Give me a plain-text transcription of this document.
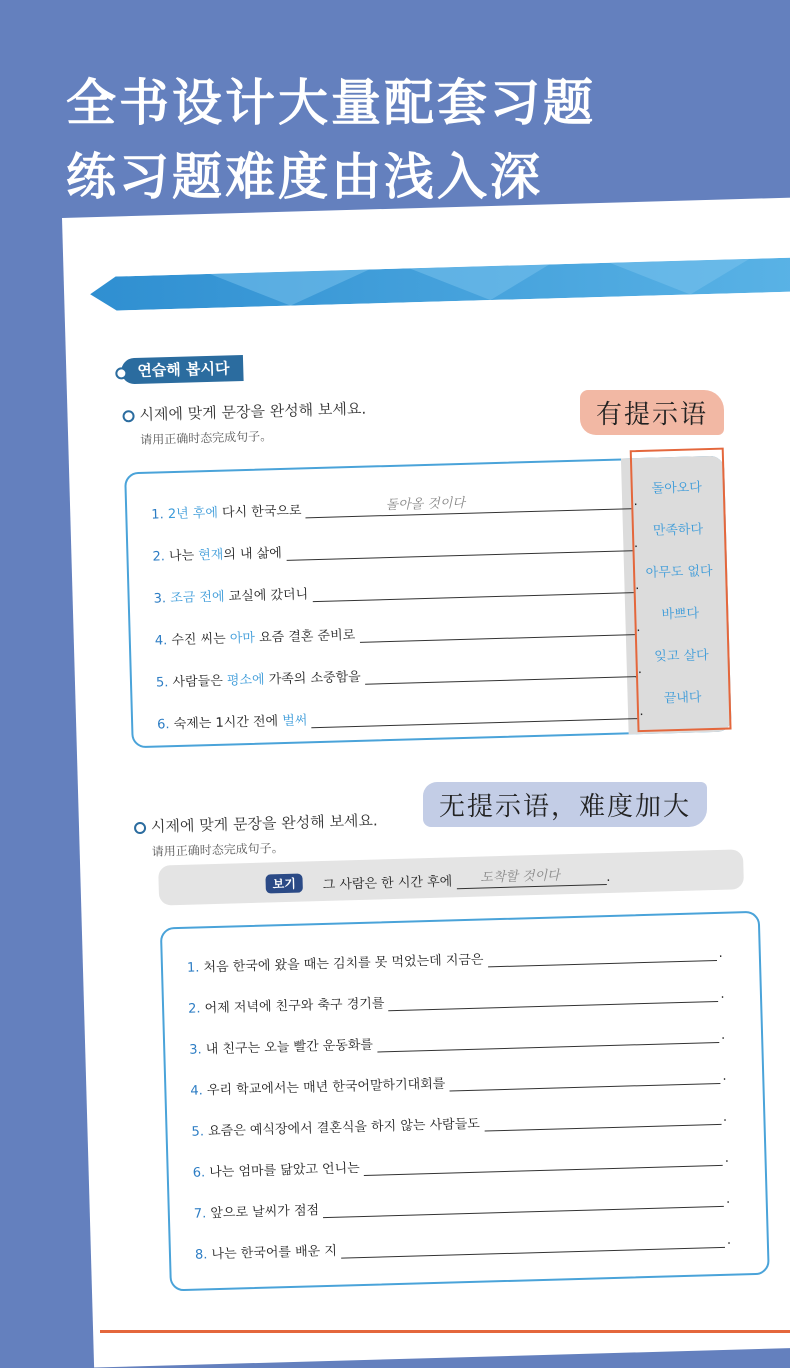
全书设计大量配套习题
练习题难度由浅入深
연습해 봅시다
시제에 맞게 문장을 완성해 보세요.
请用正确时态完成句子。
돌아오다
만족하다
아무도 없다
바쁘다
잊고 살다
끝내다
1. 2년 후에 다시 한국으로	돌아올 것이다	.
2. 나는 현재의 내 삶에 .
3. 조금 전에 교실에 갔더니 .
4. 수진 씨는 아마 요즘 결혼 준비로 .
5. 사람들은 평소에 가족의 소중함을 .
6. 숙제는 1시간 전에 벌써 .
시제에 맞게 문장을 완성해 보세요.
请用正确时态完成句子。
보기	그 사람은 한 시간 후에 도착할 것이다	.
1. 처음 한국에 왔을 때는 김치를 못 먹었는데 지금은	.
2. 어제 저녁에 친구와 축구 경기를 .
3. 내 친구는 오늘 빨간 운동화를 .
4. 우리 학교에서는 매년 한국어말하기대회를 .
5. 요즘은 예식장에서 결혼식을 하지 않는 사람들도	.
6. 나는 엄마를 닮았고 언니는 .
7. 앞으로 날씨가 점점 .
8. 나는 한국어를 배운 지 .
有提示语
无提示语，难度加大
